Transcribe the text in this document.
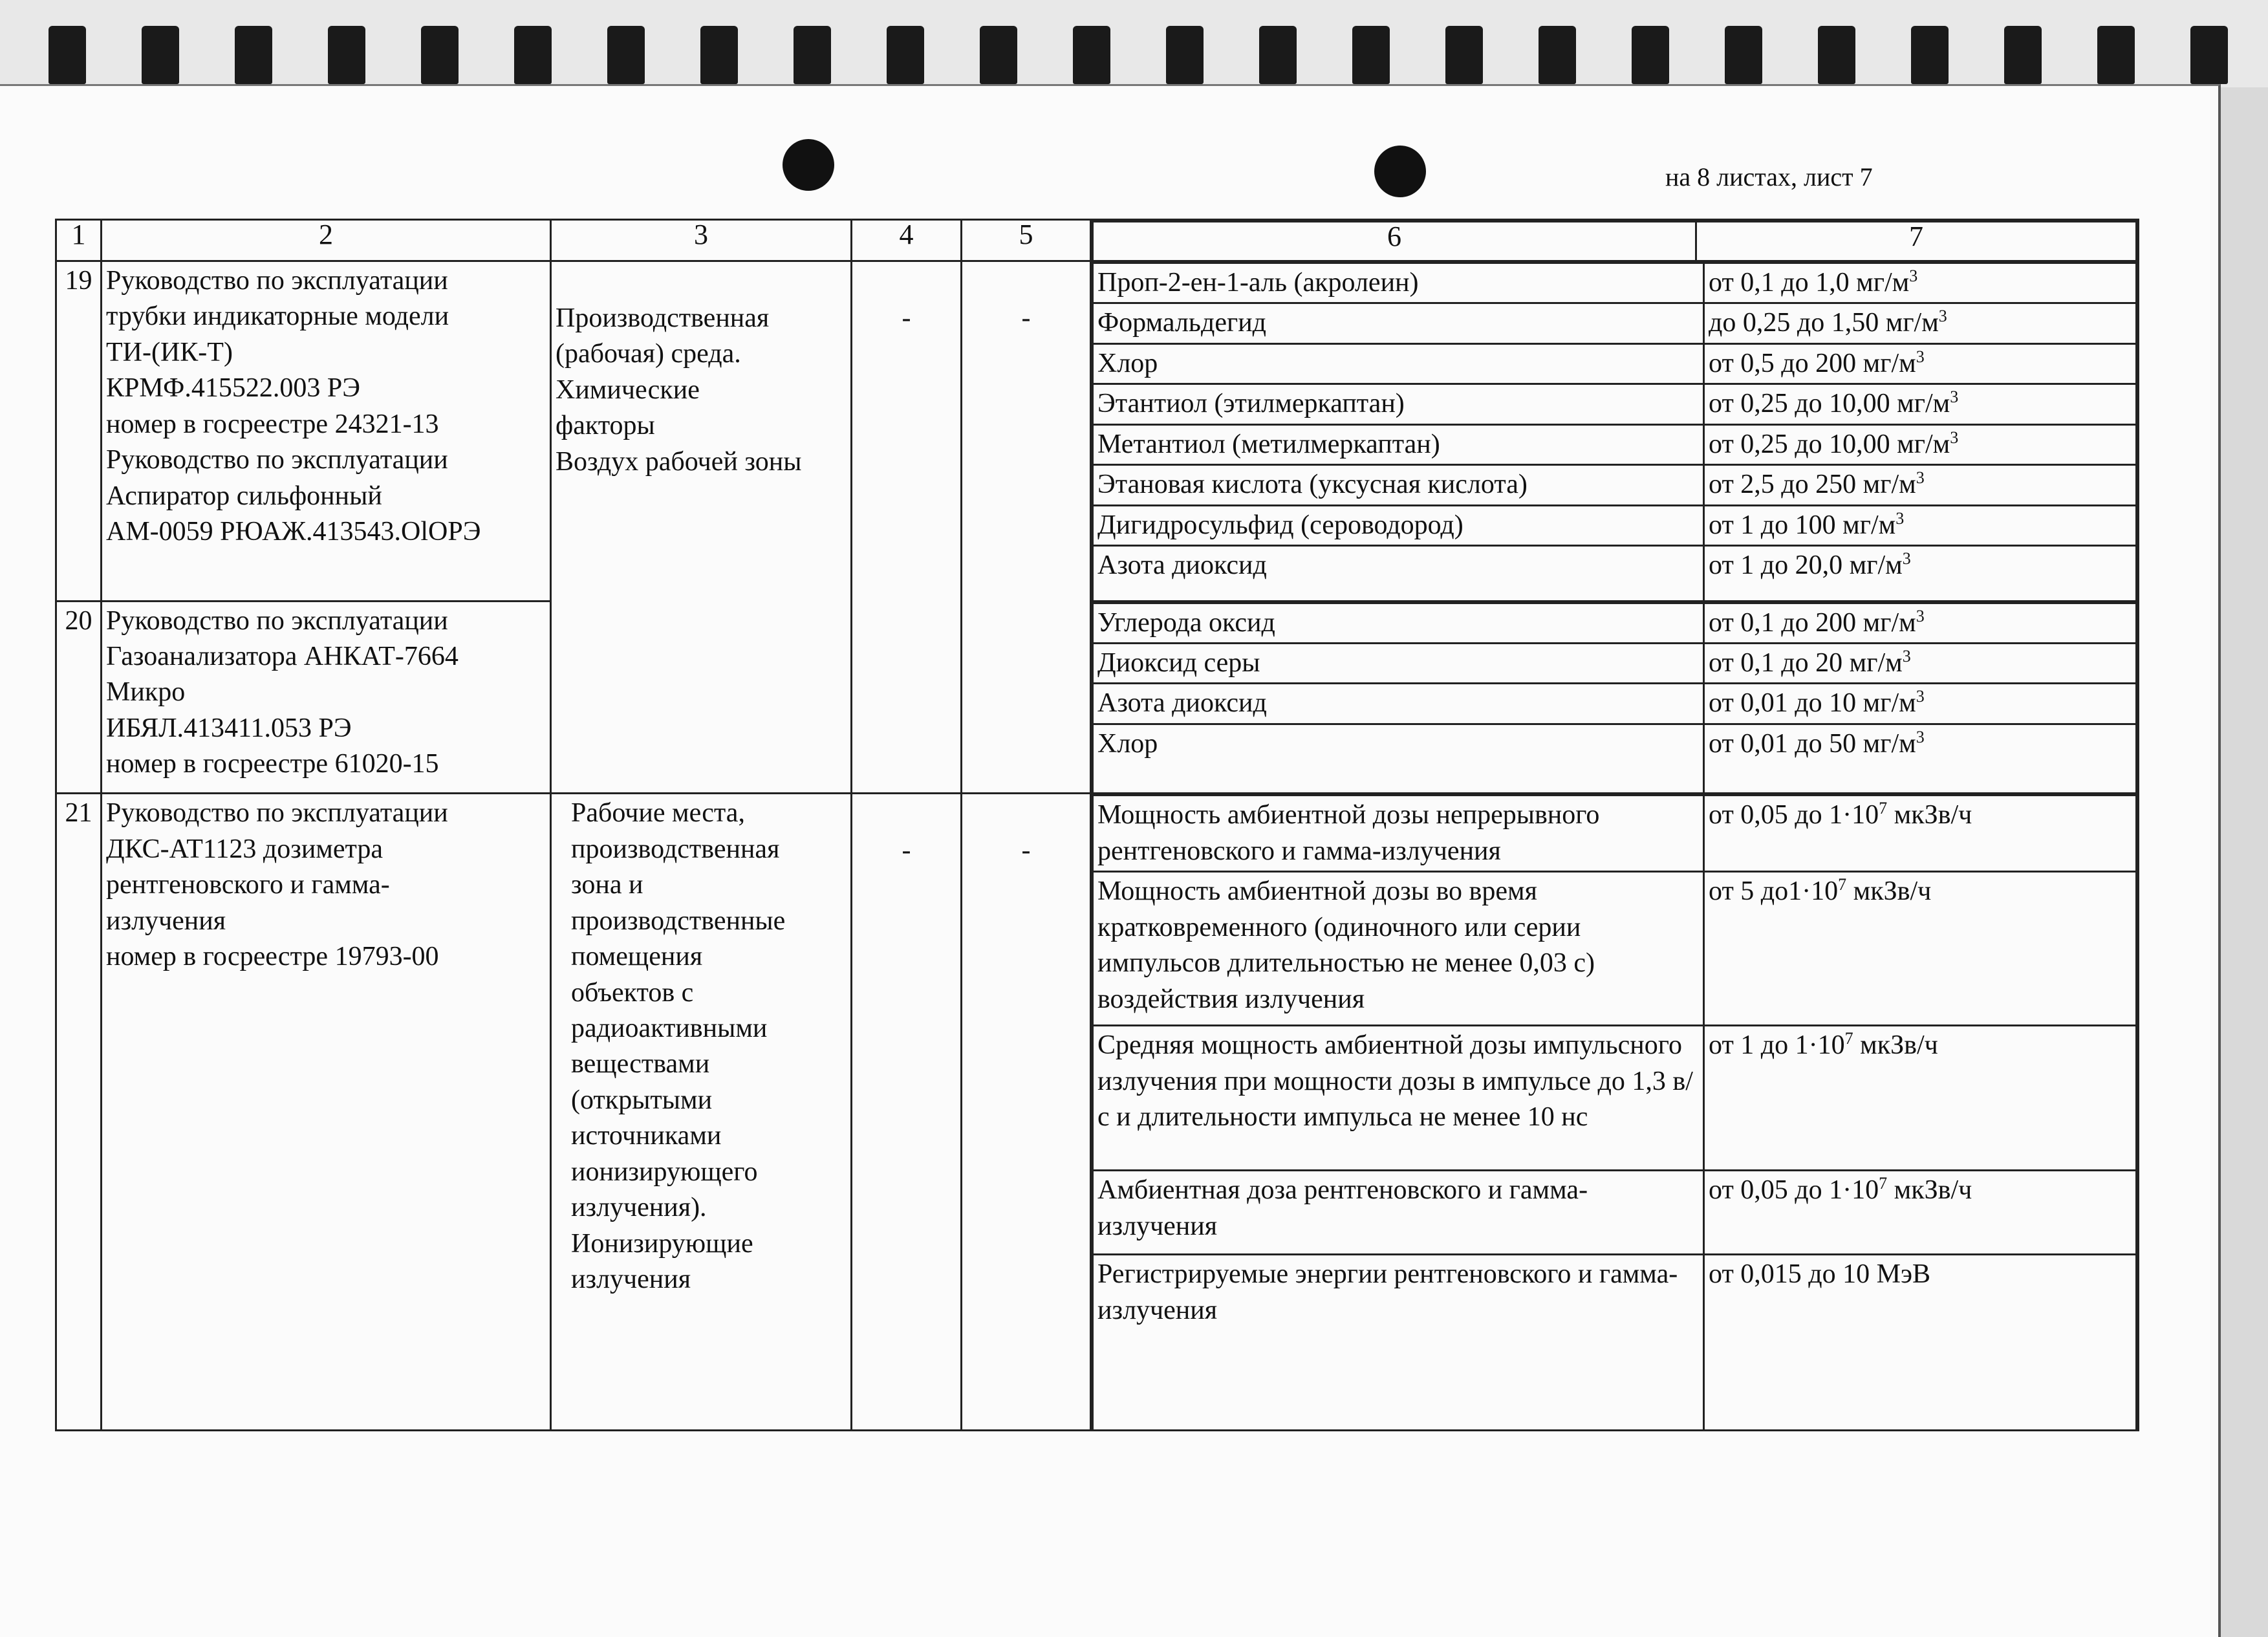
на 8 листах, лист 7
1	2	3	4	5		6	7

19	Руководство по эксплуатации
трубки индикаторные модели
ТИ-(ИК-Т)
КРМФ.415522.003 РЭ
номер в госреестре 24321-13
Руководство по эксплуатации
Аспиратор сильфонный
АМ-0059 РЮАЖ.413543.OlОРЭ	Производственная
(рабочая) среда.
Химические
факторы
Воздух рабочей зоны	-	-	
Проп-2-ен-1-аль (акролеин)	от 0,1 до 1,0 $мг/м^3$
Формальдегид	до 0,25 до 1,50 $мг/м^3$
Хлор	от 0,5 до 200 $мг/м^3$
Этантиол (этилмеркаптан)	от 0,25 до 10,00 $мг/м^3$
Метантиол (метилмеркаптан)	от 0,25 до 10,00 $мг/м^3$
Этановая кислота (уксусная кислота)	от 2,5 до 250 $мг/м^3$
Дигидросульфид (сероводород)	от 1 до 100 $мг/м^3$
Азота диоксид	от 1 до 20,0 $мг/м^3$

20	Руководство по эксплуатации
Газоанализатора АНКАТ-7664
Микро
ИБЯЛ.413411.053 РЭ
номер в госреестре 61020-15	
Углерода оксид	от 0,1 до 200 $мг/м^3$
Диоксид серы	от 0,1 до 20 $мг/м^3$
Азота диоксид	от 0,01 до 10 $мг/м^3$
Хлор	от 0,01 до 50 $мг/м^3$

21	Руководство по эксплуатации
ДКС-АТ1123 дозиметра
рентгеновского и гамма-
излучения
номер в госреестре 19793-00	Рабочие места,
производственная
зона и
производственные
помещения
объектов с
радиоактивными
веществами
(открытыми
источниками
ионизирующего
излучения).
Ионизирующие
излучения	-	-	
Мощность амбиентной дозы непрерывного рентгеновского и гамма-излучения	от 0,05 до $1\cdot 10^7$ мкЗв/ч
Мощность амбиентной дозы во время кратковременного (одиночного или серии импульсов длительностью не менее 0,03 с) воздействия излучения	от 5 $до1\cdot 10^7$ мкЗв/ч
Средняя мощность амбиентной дозы импульсного излучения при мощности дозы в импульсе до 1,3 в/с и длительности импульса не менее 10 нс	от 1 до $1\cdot 10^7$ мкЗв/ч
Амбиентная доза рентгеновского и гамма-излучения	от 0,05 до $1\cdot 10^7$ мкЗв/ч
Регистрируемые энергии рентгеновского и гамма- излучения	от 0,015 до 10 МэВ
